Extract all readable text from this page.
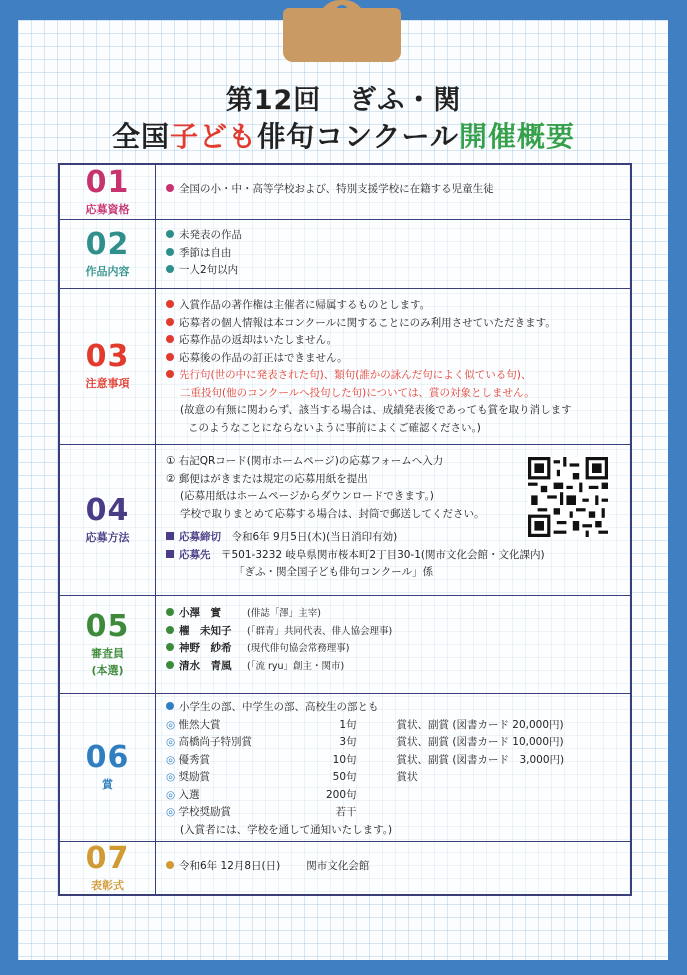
第12回　ぎふ・関
全国子ども俳句コンクール開催概要
01
応募資格
全国の小・中・高等学校および、特別支援学校に在籍する児童生徒
02
作品内容
未発表の作品
季節は自由
一人2句以内
03
注意事項
入賞作品の著作権は主催者に帰属するものとします。
応募者の個人情報は本コンクールに関することにのみ利用させていただきます。
応募作品の返却はいたしません。
応募後の作品の訂正はできません。
先行句(世の中に発表された句)、類句(誰かの詠んだ句によく似ている句)、
二重投句(他のコンクールへ投句した句)については、賞の対象としません。
(故意の有無に関わらず、該当する場合は、成績発表後であっても賞を取り消します
このようなことにならないように事前によくご確認ください。)
04
応募方法
① 右記QRコード(関市ホームページ)の応募フォームへ入力
② 郵便はがきまたは規定の応募用紙を提出
(応募用紙はホームページからダウンロードできます。)
学校で取りまとめて応募する場合は、封筒で郵送してください。
応募締切　 令和6年 9月5日(木)(当日消印有効)
応募先　 〒501-3232 岐阜県関市桜本町2丁目30-1(関市文化会館・文化課内)
「ぎふ・関全国子ども俳句コンクール」係
05
審査員
(本選)
小澤　實	(俳誌「澤」主宰)
櫂　未知子 (「群青」共同代表、俳人協会理事)
神野　紗希 (現代俳句協会常務理事)
清水　青風 (「流 ryu」創主・関市)
06
賞
小学生の部、中学生の部、高校生の部とも
◎ 惟然大賞	1句	賞状、副賞 (図書カード 20,000円)
◎ 高橋尚子特別賞	3句	賞状、副賞 (図書カード 10,000円)
◎ 優秀賞	10句	賞状、副賞 (図書カード　3,000円)
◎ 奨励賞	50句	賞状
◎ 入選	200句
◎ 学校奨励賞	若干
(入賞者には、学校を通して通知いたします。)
07
表彰式
令和6年 12月8日(日) 関市文化会館
